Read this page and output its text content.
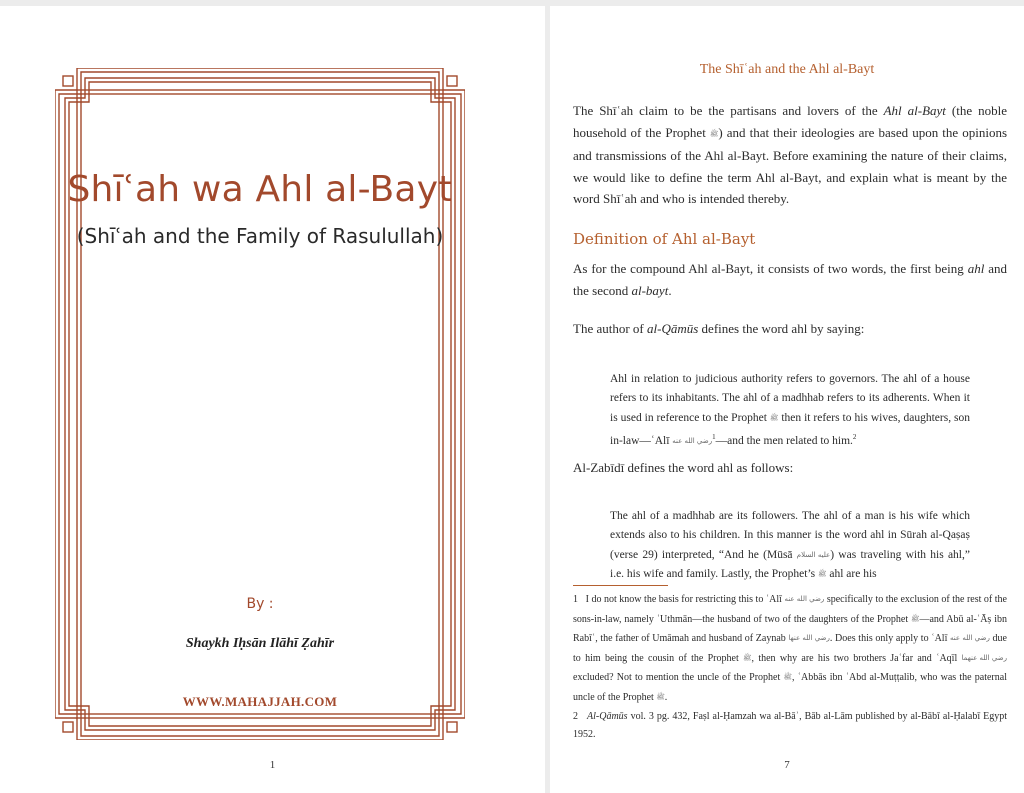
Shīʿah wa Ahl al-Bayt
(Shīʿah and the Family of Rasulullah)
By :
Shaykh Iḥsān Ilāhī Ẓahīr
WWW.MAHAJJAH.COM
1
The Shīʿah and the Ahl al-Bayt

The Shīʿah claim to be the partisans and lovers of the Ahl al-Bayt (the noble household of the Prophet ﷺ) and that their ideologies are based upon the opinions and transmissions of the Ahl al-Bayt. Before examining the nature of their claims, we would like to define the term Ahl al-Bayt, and explain what is meant by the word Shīʿah and who is intended thereby.

Definition of Ahl al-Bayt

As for the compound Ahl al-Bayt, it consists of two words, the first being ahl and the second al-bayt.

The author of al-Qāmūs defines the word ahl by saying:

Ahl in relation to judicious authority refers to governors. The ahl of a house refers to its inhabitants. The ahl of a madhhab refers to its adherents. When it is used in reference to the Prophet ﷺ then it refers to his wives, daughters, son in-law—ʿAlī رضي الله عنه$^1$—and the men related to him.$^2$

Al-Zabīdī defines the word ahl as follows:

The ahl of a madhhab are its followers. The ahl of a man is his wife which extends also to his children. In this manner is the word ahl in Sūrah al-Qaṣaṣ (verse 29) interpreted, “And he (Mūsā عليه السلام) was traveling with his ahl,” i.e. his wife and family. Lastly, the Prophet’s ﷺ ahl are his

1 I do not know the basis for restricting this to ʿAlī رضي الله عنه specifically to the exclusion of the rest of the sons-in-law, namely ʿUthmān—the husband of two of the daughters of the Prophet ﷺ—and Abū al-ʿĀṣ ibn Rabīʿ, the father of Umāmah and husband of Zaynab رضي الله عنها. Does this only apply to ʿAlī رضي الله عنه due to him being the cousin of the Prophet ﷺ, then why are his two brothers Jaʿfar and ʿAqīl رضي الله عنهما excluded? Not to mention the uncle of the Prophet ﷺ, ʿAbbās ibn ʿAbd al-Muṭṭalib, who was the paternal uncle of the Prophet ﷺ.

2 Al-Qāmūs vol. 3 pg. 432, Faṣl al-Ḥamzah wa al-Bāʾ, Bāb al-Lām published by al-Bābī al-Ḥalabī Egypt 1952.

7
